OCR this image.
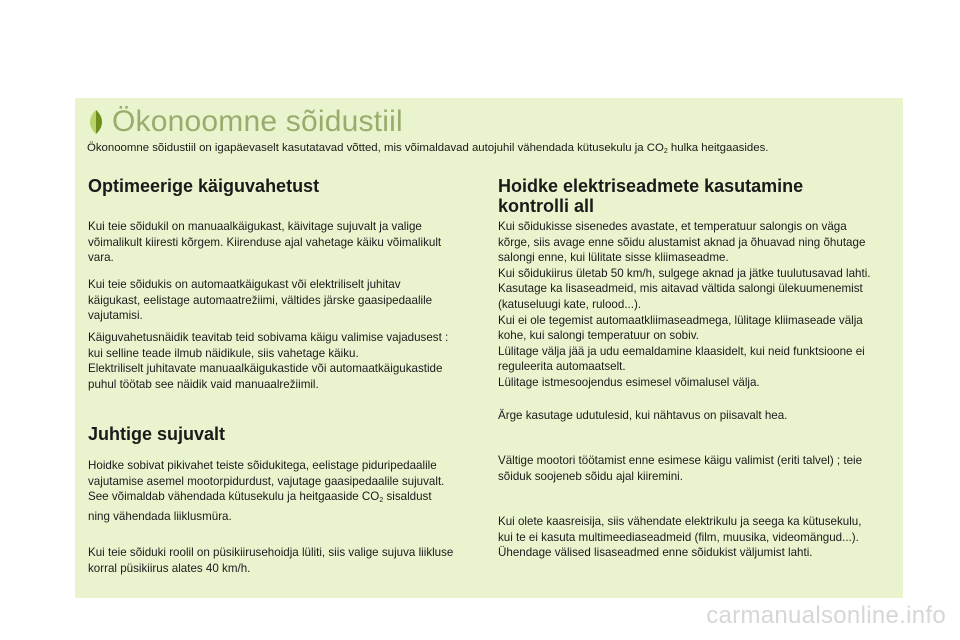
Ökonoomne sõidustiil
Ökonoomne sõidustiil on igapäevaselt kasutatavad võtted, mis võimaldavad autojuhil vähendada kütusekulu ja $CO_2$ hulka heitgaasides.
Optimeerige käiguvahetust

Kui teie sõidukil on manuaalkäigukast, käivitage sujuvalt ja valige
võimalikult kiiresti kõrgem. Kiirenduse ajal vahetage käiku võimalikult
vara.

Kui teie sõidukis on automaatkäigukast või elektriliselt juhitav
käigukast, eelistage automaatrežiimi, vältides järske gaasipedaalile
vajutamisi.

Käiguvahetusnäidik teavitab teid sobivama käigu valimise vajadusest :
kui selline teade ilmub näidikule, siis vahetage käiku.
Elektriliselt juhitavate manuaalkäigukastide või automaatkäigukastide
puhul töötab see näidik vaid manuaalrežiimil.

Juhtige sujuvalt

Hoidke sobivat pikivahet teiste sõidukitega, eelistage piduripedaalile
vajutamise asemel mootorpidurdust, vajutage gaasipedaalile sujuvalt.
See võimaldab vähendada kütusekulu ja heitgaaside $CO_2$ sisaldust
ning vähendada liiklusmüra.

Kui teie sõiduki roolil on püsikiirusehoidja lüliti, siis valige sujuva liikluse
korral püsikiirus alates 40 km/h.

Hoidke elektriseadmete kasutamine
kontrolli all

Kui sõidukisse sisenedes avastate, et temperatuur salongis on väga
kõrge, siis avage enne sõidu alustamist aknad ja õhuavad ning õhutage
salongi enne, kui lülitate sisse kliimaseadme.
Kui sõidukiirus ületab 50 km/h, sulgege aknad ja jätke tuulutusavad lahti.
Kasutage ka lisaseadmeid, mis aitavad vältida salongi ülekuumenemist
(katuseluugi kate, rulood...).
Kui ei ole tegemist automaatkliimaseadmega, lülitage kliimaseade välja
kohe, kui salongi temperatuur on sobiv.
Lülitage välja jää ja udu eemaldamine klaasidelt, kui neid funktsioone ei
reguleerita automaatselt.
Lülitage istmesoojendus esimesel võimalusel välja.

Ärge kasutage udutulesid, kui nähtavus on piisavalt hea.

Vältige mootori töötamist enne esimese käigu valimist (eriti talvel) ; teie
sõiduk soojeneb sõidu ajal kiiremini.

Kui olete kaasreisija, siis vähendate elektrikulu ja seega ka kütusekulu,
kui te ei kasuta multimeediaseadmeid (film, muusika, videomängud...).
Ühendage välised lisaseadmed enne sõidukist väljumist lahti.

carmanualsonline.info
